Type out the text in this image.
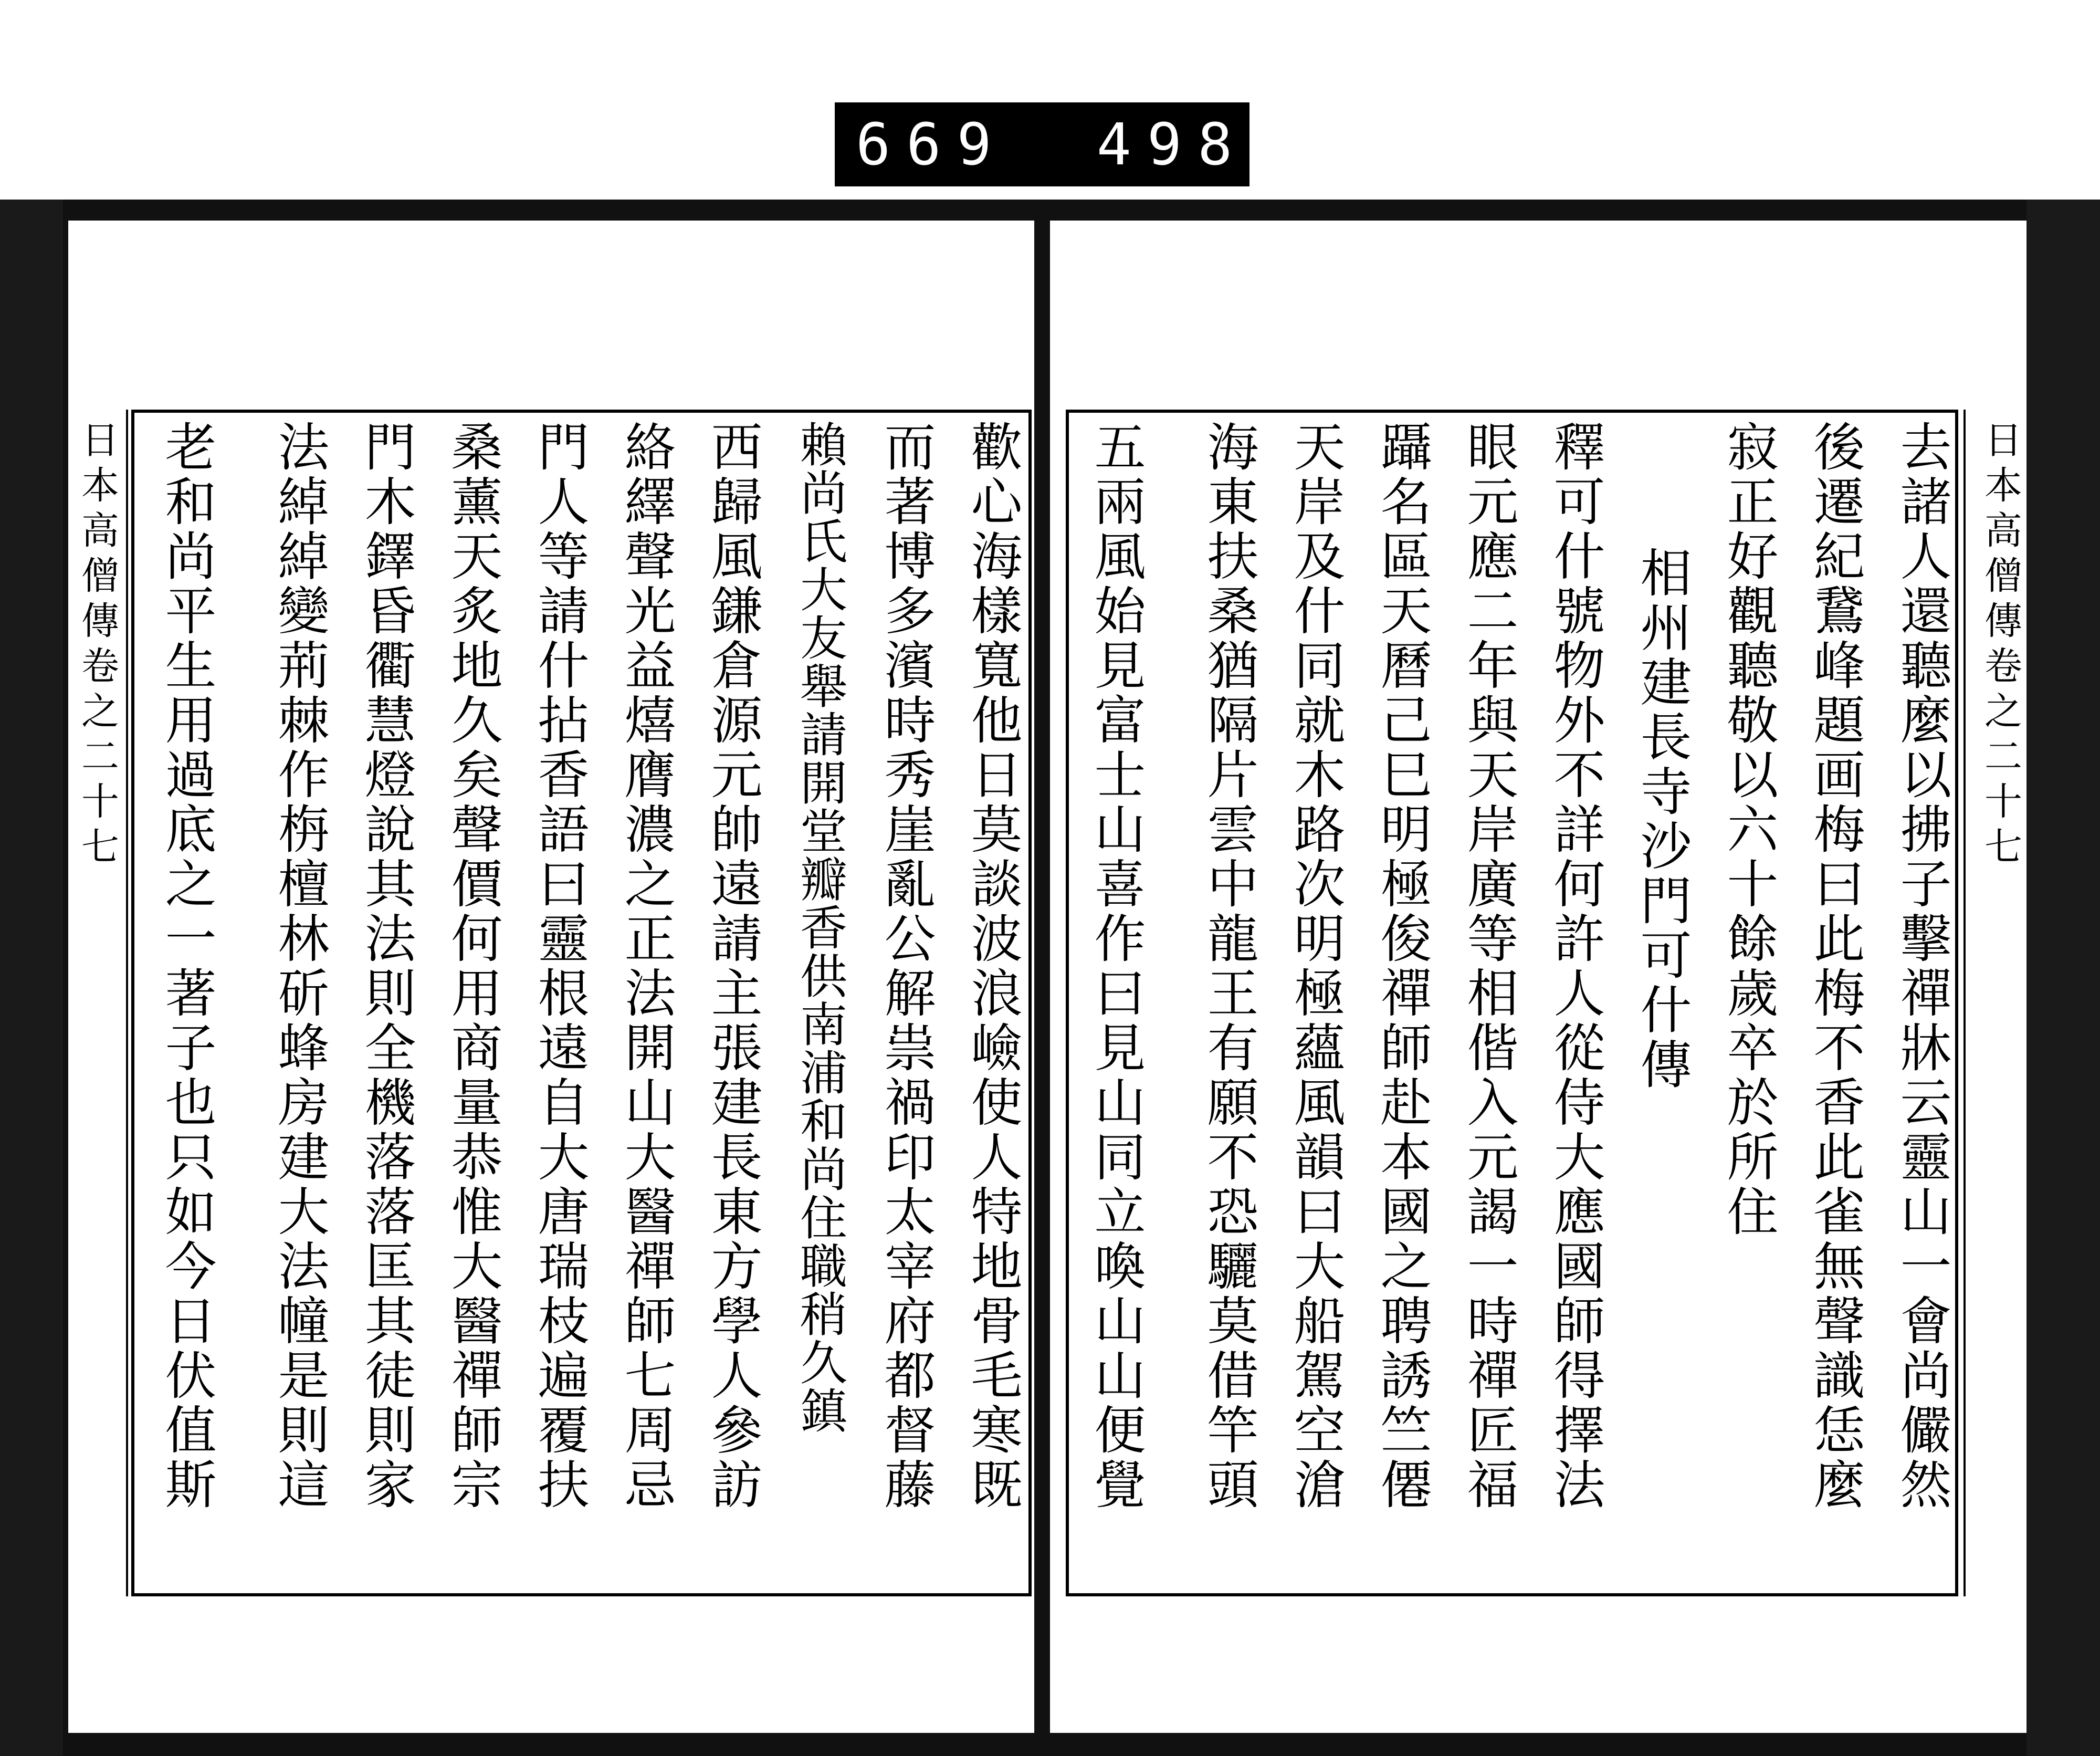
669 498.
日本高僧傳卷之二十七
去諸人還聽麼以拂子擊禪牀云靈山一會尚儼然
後遷紀鵞峰題画梅曰此梅不香此雀無聲識恁麼
寂正好觀聽敬以六十餘歲卒於所住
相州建長寺沙門可什傳
釋可什號物外不詳何許人從侍大應國師得擇法
眼元應二年與天岸廣等相偕入元謁一時禪匠福
躡名區天曆己巳明極俊禪師赴本國之聘誘竺僊
天岸及什同就木路次明極蘊風韻曰大船駕空滄
海東扶桑猶隔片雲中龍王有願不恐驪莫借竿頭
五兩風始見富士山喜作曰見山同立喚山山便覺
日本高僧傳卷之二十七	歡心海樣寬他日莫談波浪嶮使人特地骨毛寒既
而著博多濱時秀崖亂公解祟禍印太宰府都督藤
賴尚氏大友舉請開堂瓣香供南浦和尚住職稍久鎮
西歸風鎌倉源元帥遠請主張建長東方學人參訪
絡繹聲光益熺膺濃之正法開山大醫禪師七周忌
門人等請什拈香語曰靈根遠自大唐瑞枝遍覆扶
桑薰天炙地久矣聲價何用商量恭惟大醫禪師宗
門木鐸昏衢慧燈說其法則全機落落匡其徒則家
法綽綽變荊棘作栴檀林斫蜂房建大法幢是則這
老和尚平生用過底之一著子也只如今日伏值斯
